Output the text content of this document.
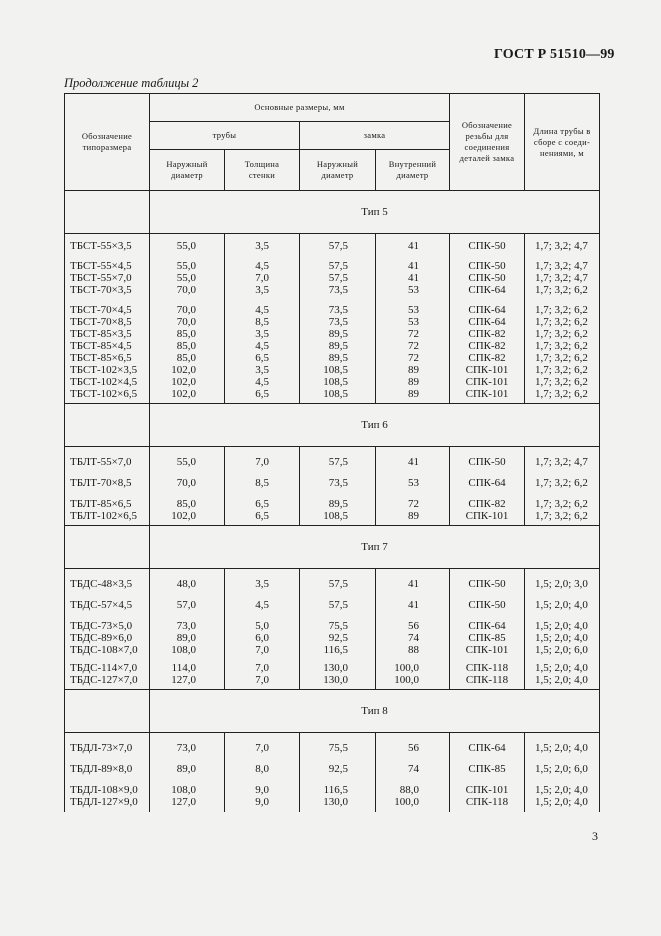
ГОСТ Р 51510—99
Продолжение таблицы 2
Обозначение типоразмера	Основные размеры, мм				Обозначение резьбы для соединения деталей замка	Длина трубы в сборе с соеди-нениями, м
	трубы		замка			
	Наружный диаметр	Толщина стенки	Наружный диаметр	Внутренний диаметр		
	Тип 5					

ТБСТ-55×3,5	55,0	3,5	57,5	41	СПК-50	1,7; 3,2; 4,7

ТБСТ-55×4,5	55,0	4,5	57,5	41	СПК-50	1,7; 3,2; 4,7
ТБСТ-55×7,0	55,0	7,0	57,5	41	СПК-50	1,7; 3,2; 4,7
ТБСТ-70×3,5	70,0	3,5	73,5	53	СПК-64	1,7; 3,2; 6,2

ТБСТ-70×4,5	70,0	4,5	73,5	53	СПК-64	1,7; 3,2; 6,2
ТБСТ-70×8,5	70,0	8,5	73,5	53	СПК-64	1,7; 3,2; 6,2
ТБСТ-85×3,5	85,0	3,5	89,5	72	СПК-82	1,7; 3,2; 6,2
ТБСТ-85×4,5	85,0	4,5	89,5	72	СПК-82	1,7; 3,2; 6,2
ТБСТ-85×6,5	85,0	6,5	89,5	72	СПК-82	1,7; 3,2; 6,2
ТБСТ-102×3,5	102,0	3,5	108,5	89	СПК-101	1,7; 3,2; 6,2
ТБСТ-102×4,5	102,0	4,5	108,5	89	СПК-101	1,7; 3,2; 6,2
ТБСТ-102×6,5	102,0	6,5	108,5	89	СПК-101	1,7; 3,2; 6,2

	Тип 6					

ТБЛТ-55×7,0	55,0	7,0	57,5	41	СПК-50	1,7; 3,2; 4,7

ТБЛТ-70×8,5	70,0	8,5	73,5	53	СПК-64	1,7; 3,2; 6,2

ТБЛТ-85×6,5	85,0	6,5	89,5	72	СПК-82	1,7; 3,2; 6,2
ТБЛТ-102×6,5	102,0	6,5	108,5	89	СПК-101	1,7; 3,2; 6,2

	Тип 7					

ТБДС-48×3,5	48,0	3,5	57,5	41	СПК-50	1,5; 2,0; 3,0

ТБДС-57×4,5	57,0	4,5	57,5	41	СПК-50	1,5; 2,0; 4,0

ТБДС-73×5,0	73,0	5,0	75,5	56	СПК-64	1,5; 2,0; 4,0
ТБДС-89×6,0	89,0	6,0	92,5	74	СПК-85	1,5; 2,0; 4,0
ТБДС-108×7,0	108,0	7,0	116,5	88	СПК-101	1,5; 2,0; 6,0

ТБДС-114×7,0	114,0	7,0	130,0	100,0	СПК-118	1,5; 2,0; 4,0
ТБДС-127×7,0	127,0	7,0	130,0	100,0	СПК-118	1,5; 2,0; 4,0

	Тип 8					

ТБДЛ-73×7,0	73,0	7,0	75,5	56	СПК-64	1,5; 2,0; 4,0

ТБДЛ-89×8,0	89,0	8,0	92,5	74	СПК-85	1,5; 2,0; 6,0

ТБДЛ-108×9,0	108,0	9,0	116,5	88,0	СПК-101	1,5; 2,0; 4,0
ТБДЛ-127×9,0	127,0	9,0	130,0	100,0	СПК-118	1,5; 2,0; 4,0

3
